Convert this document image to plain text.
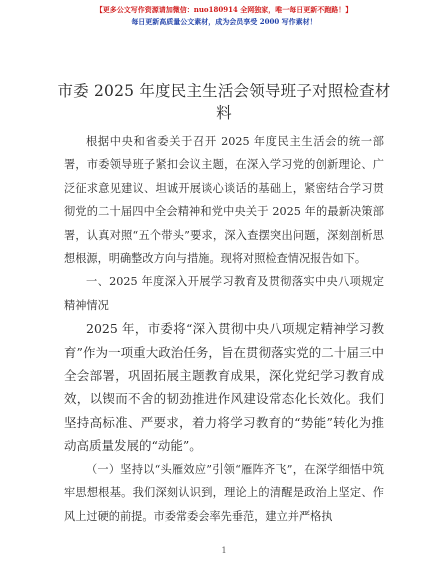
【更多公文写作资源请加微信：nuo180914 全网独家，唯一每日更新不跑路！】
每日更新高质量公文素材，成为会员享受 2000 写作素材！
市委 2025 年度民主生活会领导班子对照检查材料

根据中央和省委关于召开 2025 年度民主生活会的统一部署，市委领导班子紧扣会议主题，在深入学习党的创新理论、广泛征求意见建议、坦诚开展谈心谈话的基础上，紧密结合学习贯彻党的二十届四中全会精神和党中央关于 2025 年的最新决策部署，认真对照“五个带头”要求，深入查摆突出问题，深刻剖析思想根源，明确整改方向与措施。现将对照检查情况报告如下。

一、2025 年度深入开展学习教育及贯彻落实中央八项规定精神情况

2025 年，市委将“深入贯彻中央八项规定精神学习教育”作为一项重大政治任务，旨在贯彻落实党的二十届三中全会部署，巩固拓展主题教育成果，深化党纪学习教育成效，以锲而不舍的韧劲推进作风建设常态化长效化。我们坚持高标准、严要求，着力将学习教育的“势能”转化为推动高质量发展的“动能”。

（一）坚持以“头雁效应”引领“雁阵齐飞”，在深学细悟中筑牢思想根基。我们深刻认识到，理论上的清醒是政治上坚定、作风上过硬的前提。市委常委会率先垂范，建立并严格执

1
